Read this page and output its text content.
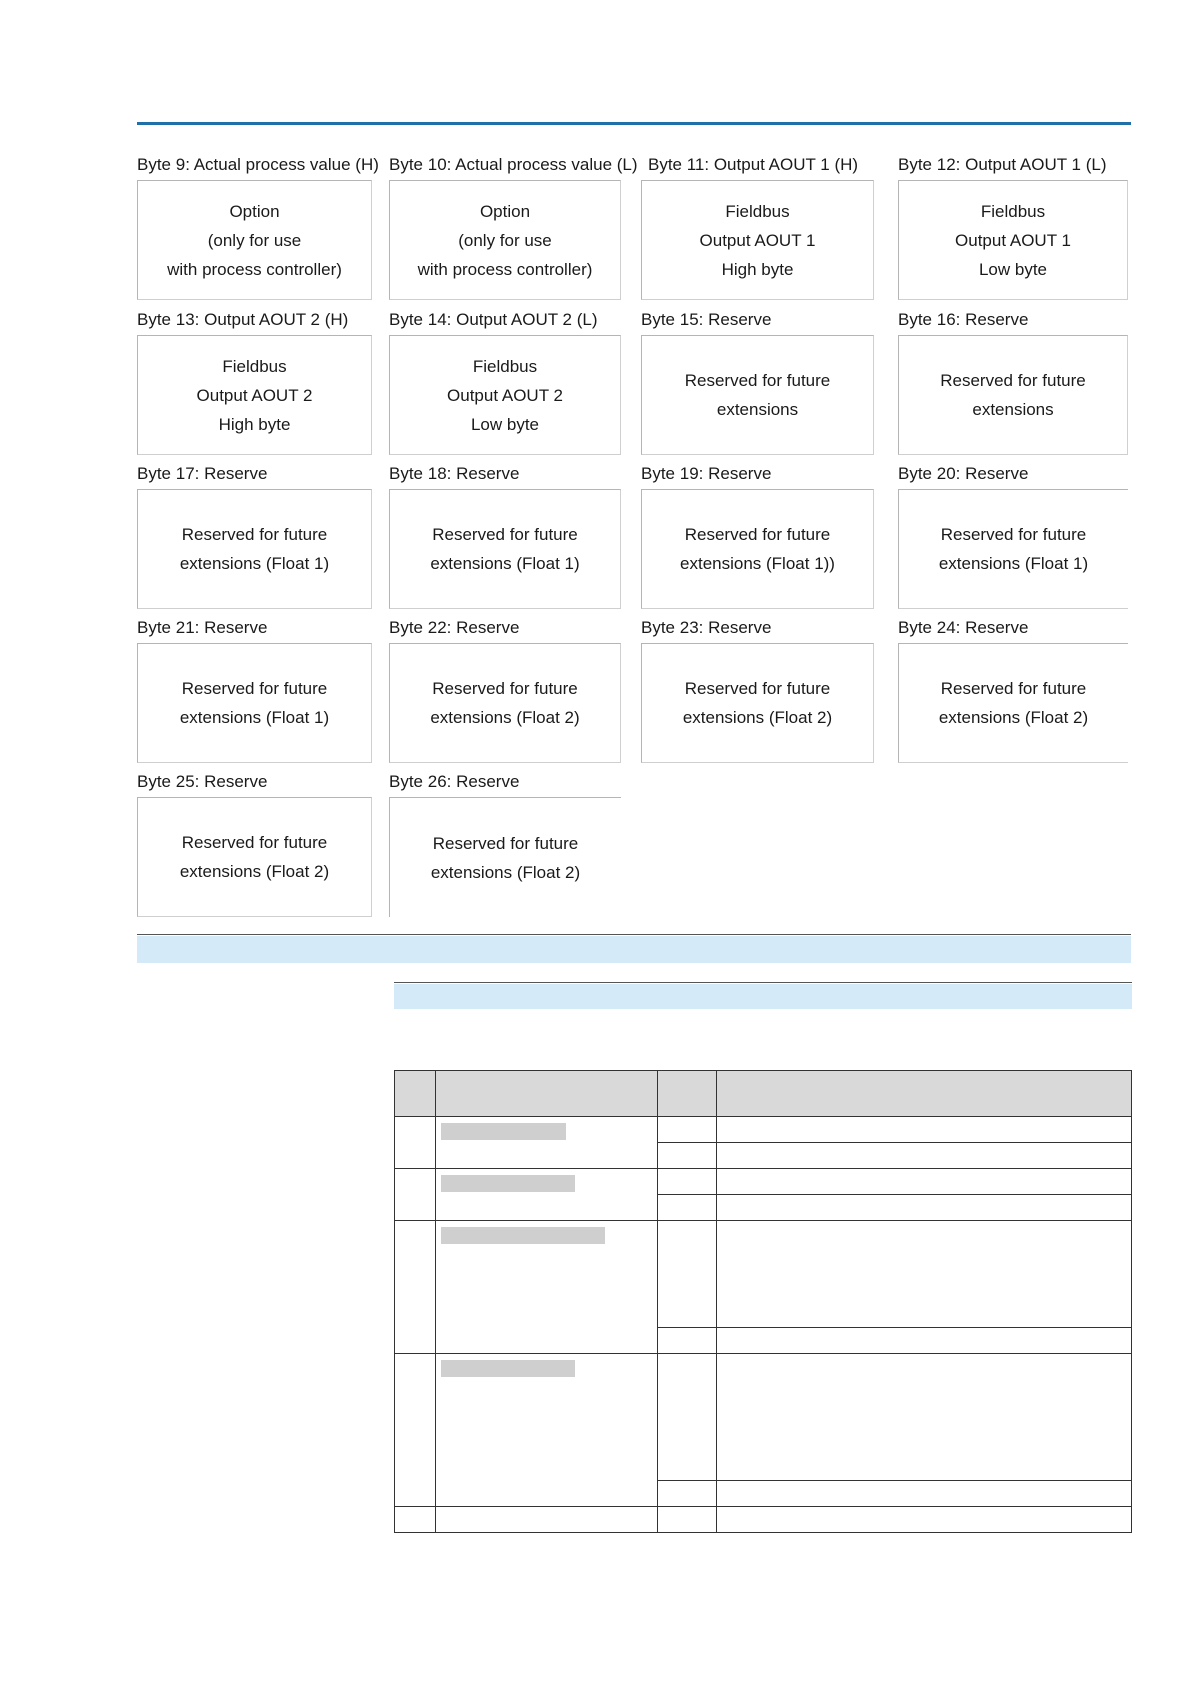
Byte 9: Actual process value (H)
Option
(only for use
with process controller)
Byte 10: Actual process value (L)
Option
(only for use
with process controller)
Byte 11: Output AOUT 1 (H)
Fieldbus
Output AOUT 1
High byte
Byte 12: Output AOUT 1 (L)
Fieldbus
Output AOUT 1
Low byte
Byte 13: Output AOUT 2 (H)
Fieldbus
Output AOUT 2
High byte
Byte 14: Output AOUT 2 (L)
Fieldbus
Output AOUT 2
Low byte
Byte 15: Reserve
Reserved for future
extensions
Byte 16: Reserve
Reserved for future
extensions
Byte 17: Reserve
Reserved for future
extensions (Float 1)
Byte 18: Reserve
Reserved for future
extensions (Float 1)
Byte 19: Reserve
Reserved for future
extensions (Float 1))
Byte 20: Reserve
Reserved for future
extensions (Float 1)
Byte 21: Reserve
Reserved for future
extensions (Float 1)
Byte 22: Reserve
Reserved for future
extensions (Float 2)
Byte 23: Reserve
Reserved for future
extensions (Float 2)
Byte 24: Reserve
Reserved for future
extensions (Float 2)
Byte 25: Reserve
Reserved for future
extensions (Float 2)
Byte 26: Reserve
Reserved for future
extensions (Float 2)
